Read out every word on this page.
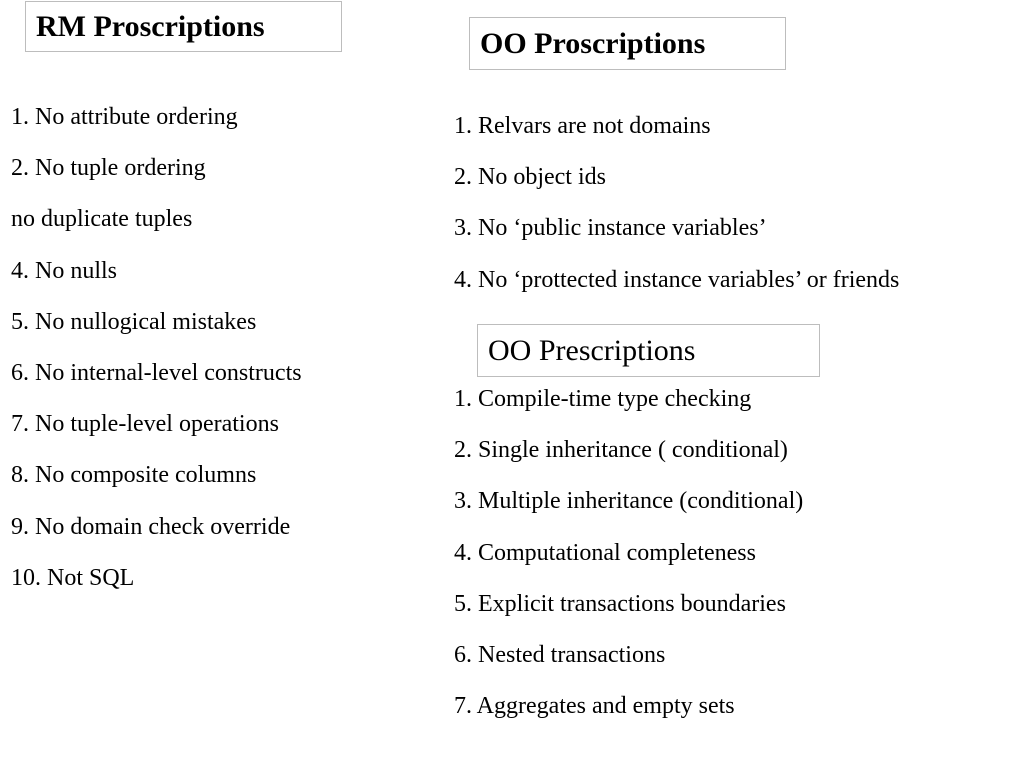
RM Proscriptions
1. No attribute ordering
2. No tuple ordering
no duplicate tuples
4. No nulls
5. No nullogical mistakes
6. No internal-level constructs
7. No tuple-level operations
8. No composite columns
9. No domain check override
10. Not SQL
OO Proscriptions
1. Relvars are not domains
2. No object ids
3. No ‘public instance variables’
4. No ‘prottected instance variables’ or friends
OO Prescriptions
1. Compile-time type checking
2. Single inheritance ( conditional)
3. Multiple inheritance (conditional)
4. Computational completeness
5. Explicit transactions boundaries
6. Nested transactions
7. Aggregates and empty sets
